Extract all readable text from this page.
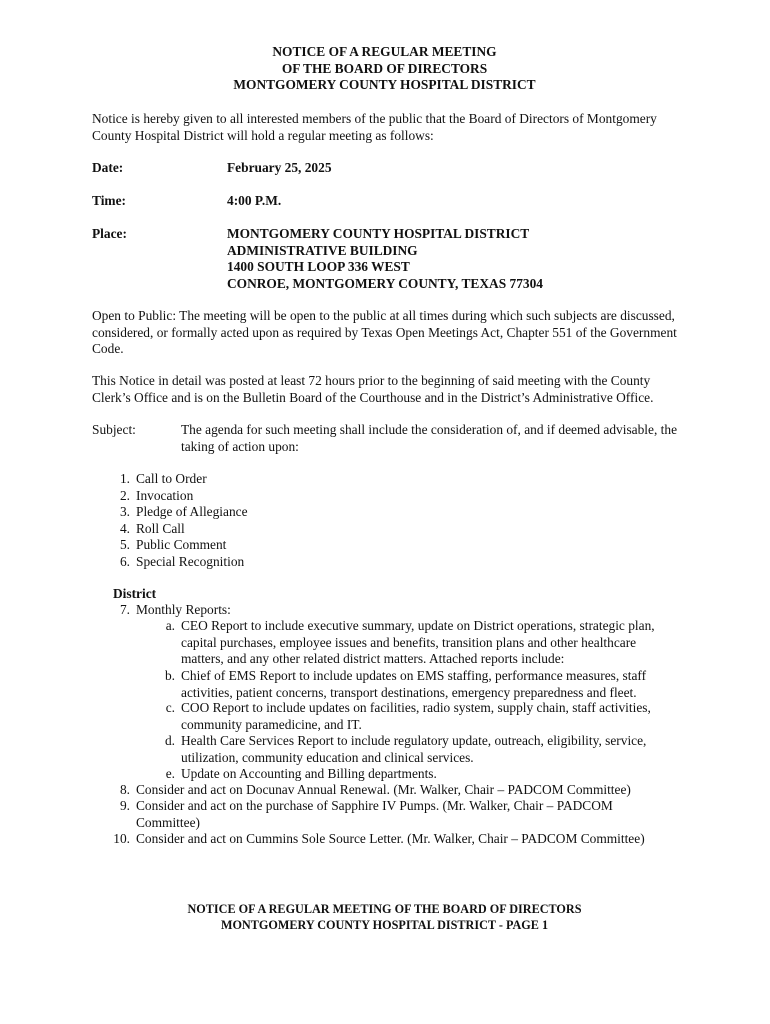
NOTICE OF A REGULAR MEETING
OF THE BOARD OF DIRECTORS
MONTGOMERY COUNTY HOSPITAL DISTRICT

Notice is hereby given to all interested members of the public that the Board of Directors of Montgomery County Hospital District will hold a regular meeting as follows:

Date:	February 25, 2025
Time:	4:00 P.M.
Place:	MONTGOMERY COUNTY HOSPITAL DISTRICT
ADMINISTRATIVE BUILDING
1400 SOUTH LOOP 336 WEST
CONROE, MONTGOMERY COUNTY, TEXAS 77304

Open to Public: The meeting will be open to the public at all times during which such subjects are discussed, considered, or formally acted upon as required by Texas Open Meetings Act, Chapter 551 of the Government Code.

This Notice in detail was posted at least 72 hours prior to the beginning of said meeting with the County Clerk’s Office and is on the Bulletin Board of the Courthouse and in the District’s Administrative Office.

Subject:	The agenda for such meeting shall include the consideration of, and if deemed advisable, the taking of action upon:
1. Call to Order
2. Invocation
3. Pledge of Allegiance
4. Roll Call
5. Public Comment
6. Special Recognition
District
7. Monthly Reports:
a. CEO Report to include executive summary, update on District operations, strategic plan, capital purchases, employee issues and benefits, transition plans and other healthcare matters, and any other related district matters. Attached reports include:
b. Chief of EMS Report to include updates on EMS staffing, performance measures, staff activities, patient concerns, transport destinations, emergency preparedness and fleet.
c. COO Report to include updates on facilities, radio system, supply chain, staff activities, community paramedicine, and IT.
d. Health Care Services Report to include regulatory update, outreach, eligibility, service, utilization, community education and clinical services.
e. Update on Accounting and Billing departments.
8. Consider and act on Docunav Annual Renewal. (Mr. Walker, Chair – PADCOM Committee)
9. Consider and act on the purchase of Sapphire IV Pumps. (Mr. Walker, Chair – PADCOM Committee)
10. Consider and act on Cummins Sole Source Letter. (Mr. Walker, Chair – PADCOM Committee)
NOTICE OF A REGULAR MEETING OF THE BOARD OF DIRECTORS
MONTGOMERY COUNTY HOSPITAL DISTRICT - PAGE 1
